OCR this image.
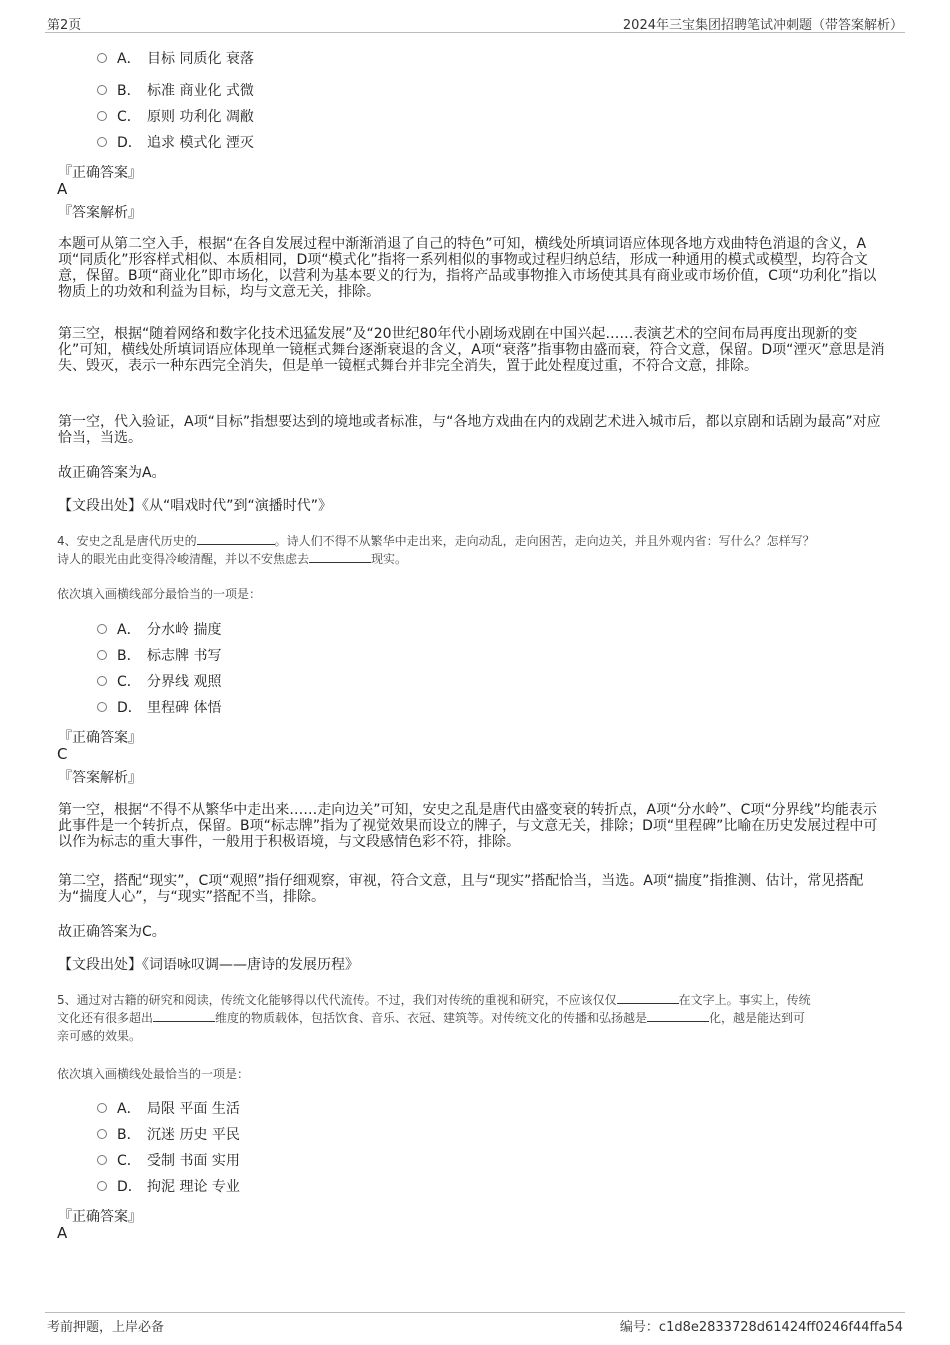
第2页	2024年三宝集团招聘笔试冲刺题（带答案解析）
A． 目标 同质化 衰落
B． 标准 商业化 式微
C． 原则 功利化 凋敝
D． 追求 模式化 湮灭
『正确答案』
A
『答案解析』
本题可从第二空入手，根据“在各自发展过程中渐渐消退了自己的特色”可知，横线处所填词语应体现各地方戏曲特色消退的含义，A项“同质化”形容样式相似、本质相同，D项“模式化”指将一系列相似的事物或过程归纳总结，形成一种通用的模式或模型，均符合文意，保留。B项“商业化”即市场化，以营利为基本要义的行为，指将产品或事物推入市场使其具有商业或市场价值，C项“功利化”指以物质上的功效和利益为目标，均与文意无关，排除。
第三空，根据“随着网络和数字化技术迅猛发展”及“20世纪80年代小剧场戏剧在中国兴起……表演艺术的空间布局再度出现新的变化”可知，横线处所填词语应体现单一镜框式舞台逐渐衰退的含义，A项“衰落”指事物由盛而衰，符合文意，保留。D项“湮灭”意思是消失、毁灭，表示一种东西完全消失，但是单一镜框式舞台并非完全消失，置于此处程度过重，不符合文意，排除。
第一空，代入验证，A项“目标”指想要达到的境地或者标准，与“各地方戏曲在内的戏剧艺术进入城市后，都以京剧和话剧为最高”对应恰当，当选。
故正确答案为A。
【文段出处】《从“唱戏时代”到“演播时代”》
4、安史之乱是唐代历史的	。诗人们不得不从繁华中走出来，走向动乱，走向困苦，走向边关，并且外观内省：写什么？怎样写？
诗人的眼光由此变得冷峻清醒，并以不安焦虑去	现实。
依次填入画横线部分最恰当的一项是：
A． 分水岭 揣度
B． 标志牌 书写
C． 分界线 观照
D． 里程碑 体悟
『正确答案』
C
『答案解析』
第一空，根据“不得不从繁华中走出来……走向边关”可知，安史之乱是唐代由盛变衰的转折点，A项“分水岭”、C项“分界线”均能表示此事件是一个转折点，保留。B项“标志牌”指为了视觉效果而设立的牌子，与文意无关，排除；D项“里程碑”比喻在历史发展过程中可以作为标志的重大事件，一般用于积极语境，与文段感情色彩不符，排除。
第二空，搭配“现实”，C项“观照”指仔细观察，审视，符合文意，且与“现实”搭配恰当，当选。A项“揣度”指推测、估计，常见搭配为“揣度人心”，与“现实”搭配不当，排除。
故正确答案为C。
【文段出处】《词语咏叹调——唐诗的发展历程》
5、通过对古籍的研究和阅读，传统文化能够得以代代流传。不过，我们对传统的重视和研究，不应该仅仅	在文字上。事实上，传统
文化还有很多超出	维度的物质载体，包括饮食、音乐、衣冠、建筑等。对传统文化的传播和弘扬越是	化，越是能达到可
亲可感的效果。
依次填入画横线处最恰当的一项是：
A． 局限 平面 生活
B． 沉迷 历史 平民
C． 受制 书面 实用
D． 拘泥 理论 专业
『正确答案』
A
考前押题，上岸必备	编号：c1d8e2833728d61424ff0246f44ffa54
